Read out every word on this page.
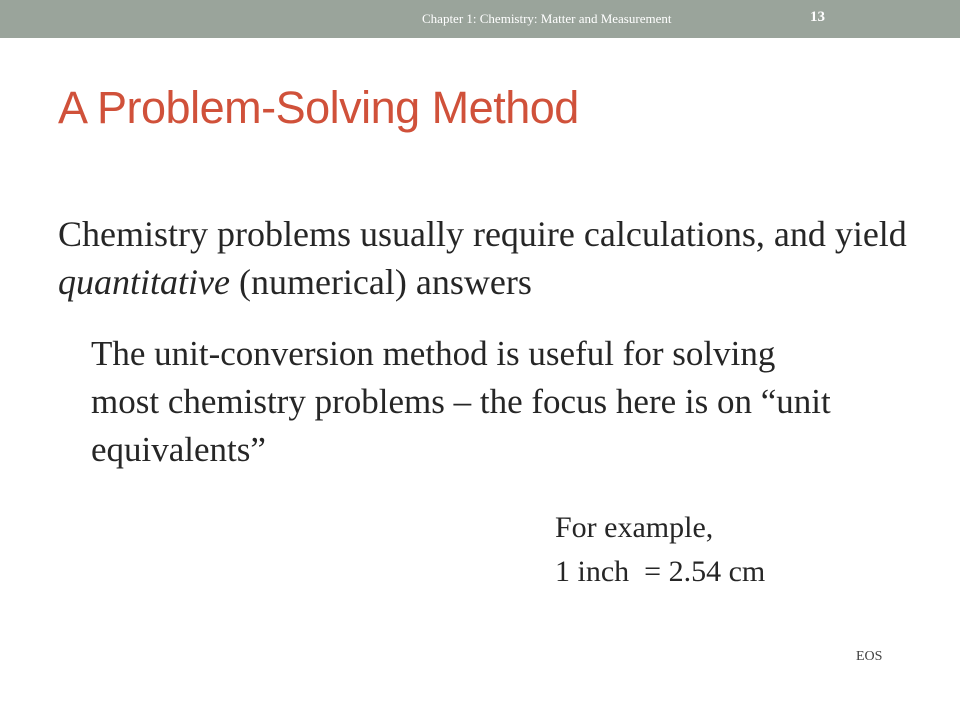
Chapter 1: Chemistry: Matter and Measurement	13
A Problem-Solving Method

Chemistry problems usually require calculations, and yield quantitative (numerical) answers

The unit-conversion method is useful for solving most chemistry problems – the focus here is on “unit equivalents”

For example,
1 inch  = 2.54 cm
EOS
